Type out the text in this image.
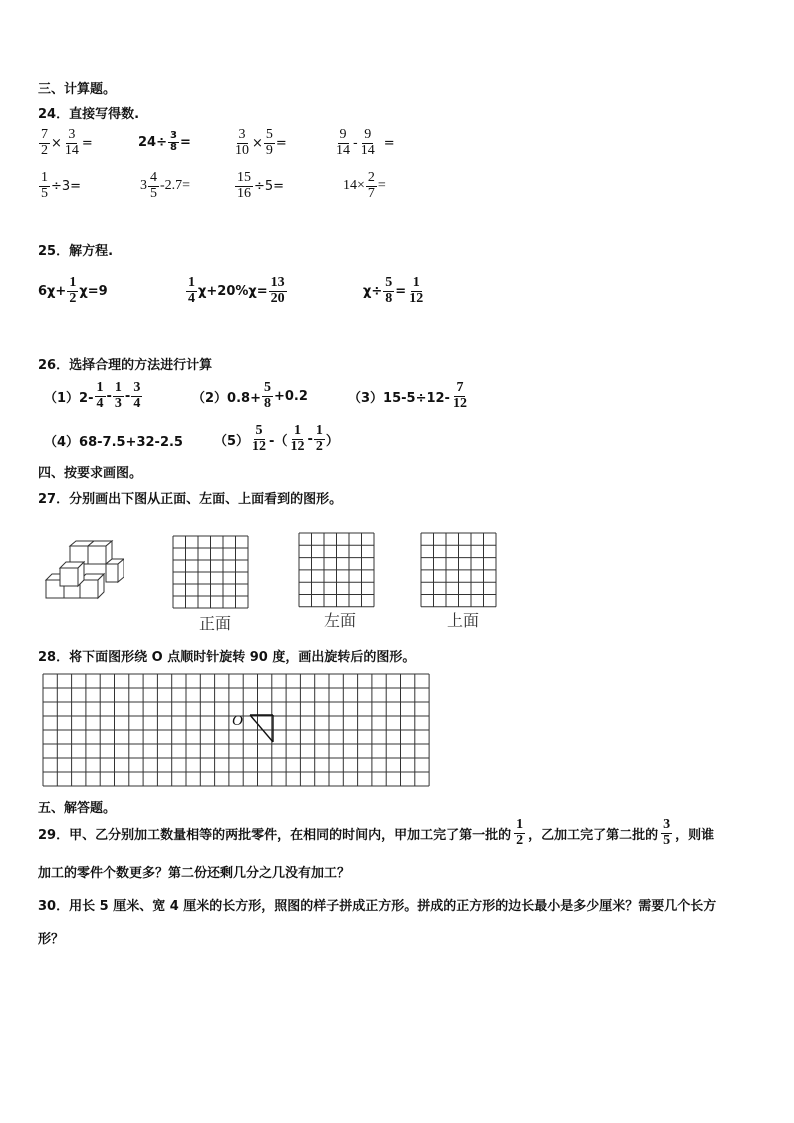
三、计算题。
24．直接写得数.
$\frac{7}{2} \times \frac{3}{14}$ =	$24\div \frac{3}{8}$ =	$\frac{3}{10} \times \frac{5}{9}$ =	$\frac{9}{14} - \frac{9}{14}$ =
$\frac{1}{5} \div 3=$	$3 \frac{4}{5} -2.7=$	$\frac{15}{16} \div 5=$	$14\times \frac{2}{7}$ =
25．解方程.
$6\chi+ \frac{1}{2} \chi=9$	$\frac{1}{4} \chi+20\%\chi= \frac{13}{20}$	$\chi\div \frac{5}{8} = \frac{1}{12}$
26．选择合理的方法进行计算
$(1)2- \frac{1}{4} - \frac{1}{3} - \frac{3}{4}$	$(2)0.8+ \frac{5}{8} +0.2$	$(3)15-5\div 12- \frac{7}{12}$
（4）68-7.5+32-2.5 $(5) \frac{5}{12}$ -（ $\frac{1}{12} - \frac{1}{2}$ ）
四、按要求画图。
27．分别画出下图从正面、左面、上面看到的图形。
正面	左面	上面
28．将下面图形绕 O 点顺时针旋转 90 度，画出旋转后的图形。
O
五、解答题。
29．甲、乙分别加工数量相等的两批零件，在相同的时间内，甲加工完了第一批的 $\frac{1}{2}$ ，乙加工完了第二批的 $\frac{3}{5}$ ，则谁
加工的零件个数更多？第二份还剩几分之几没有加工？
30．用长 5 厘米、宽 4 厘米的长方形，照图的样子拼成正方形。拼成的正方形的边长最小是多少厘米？需要几个长方
形？
